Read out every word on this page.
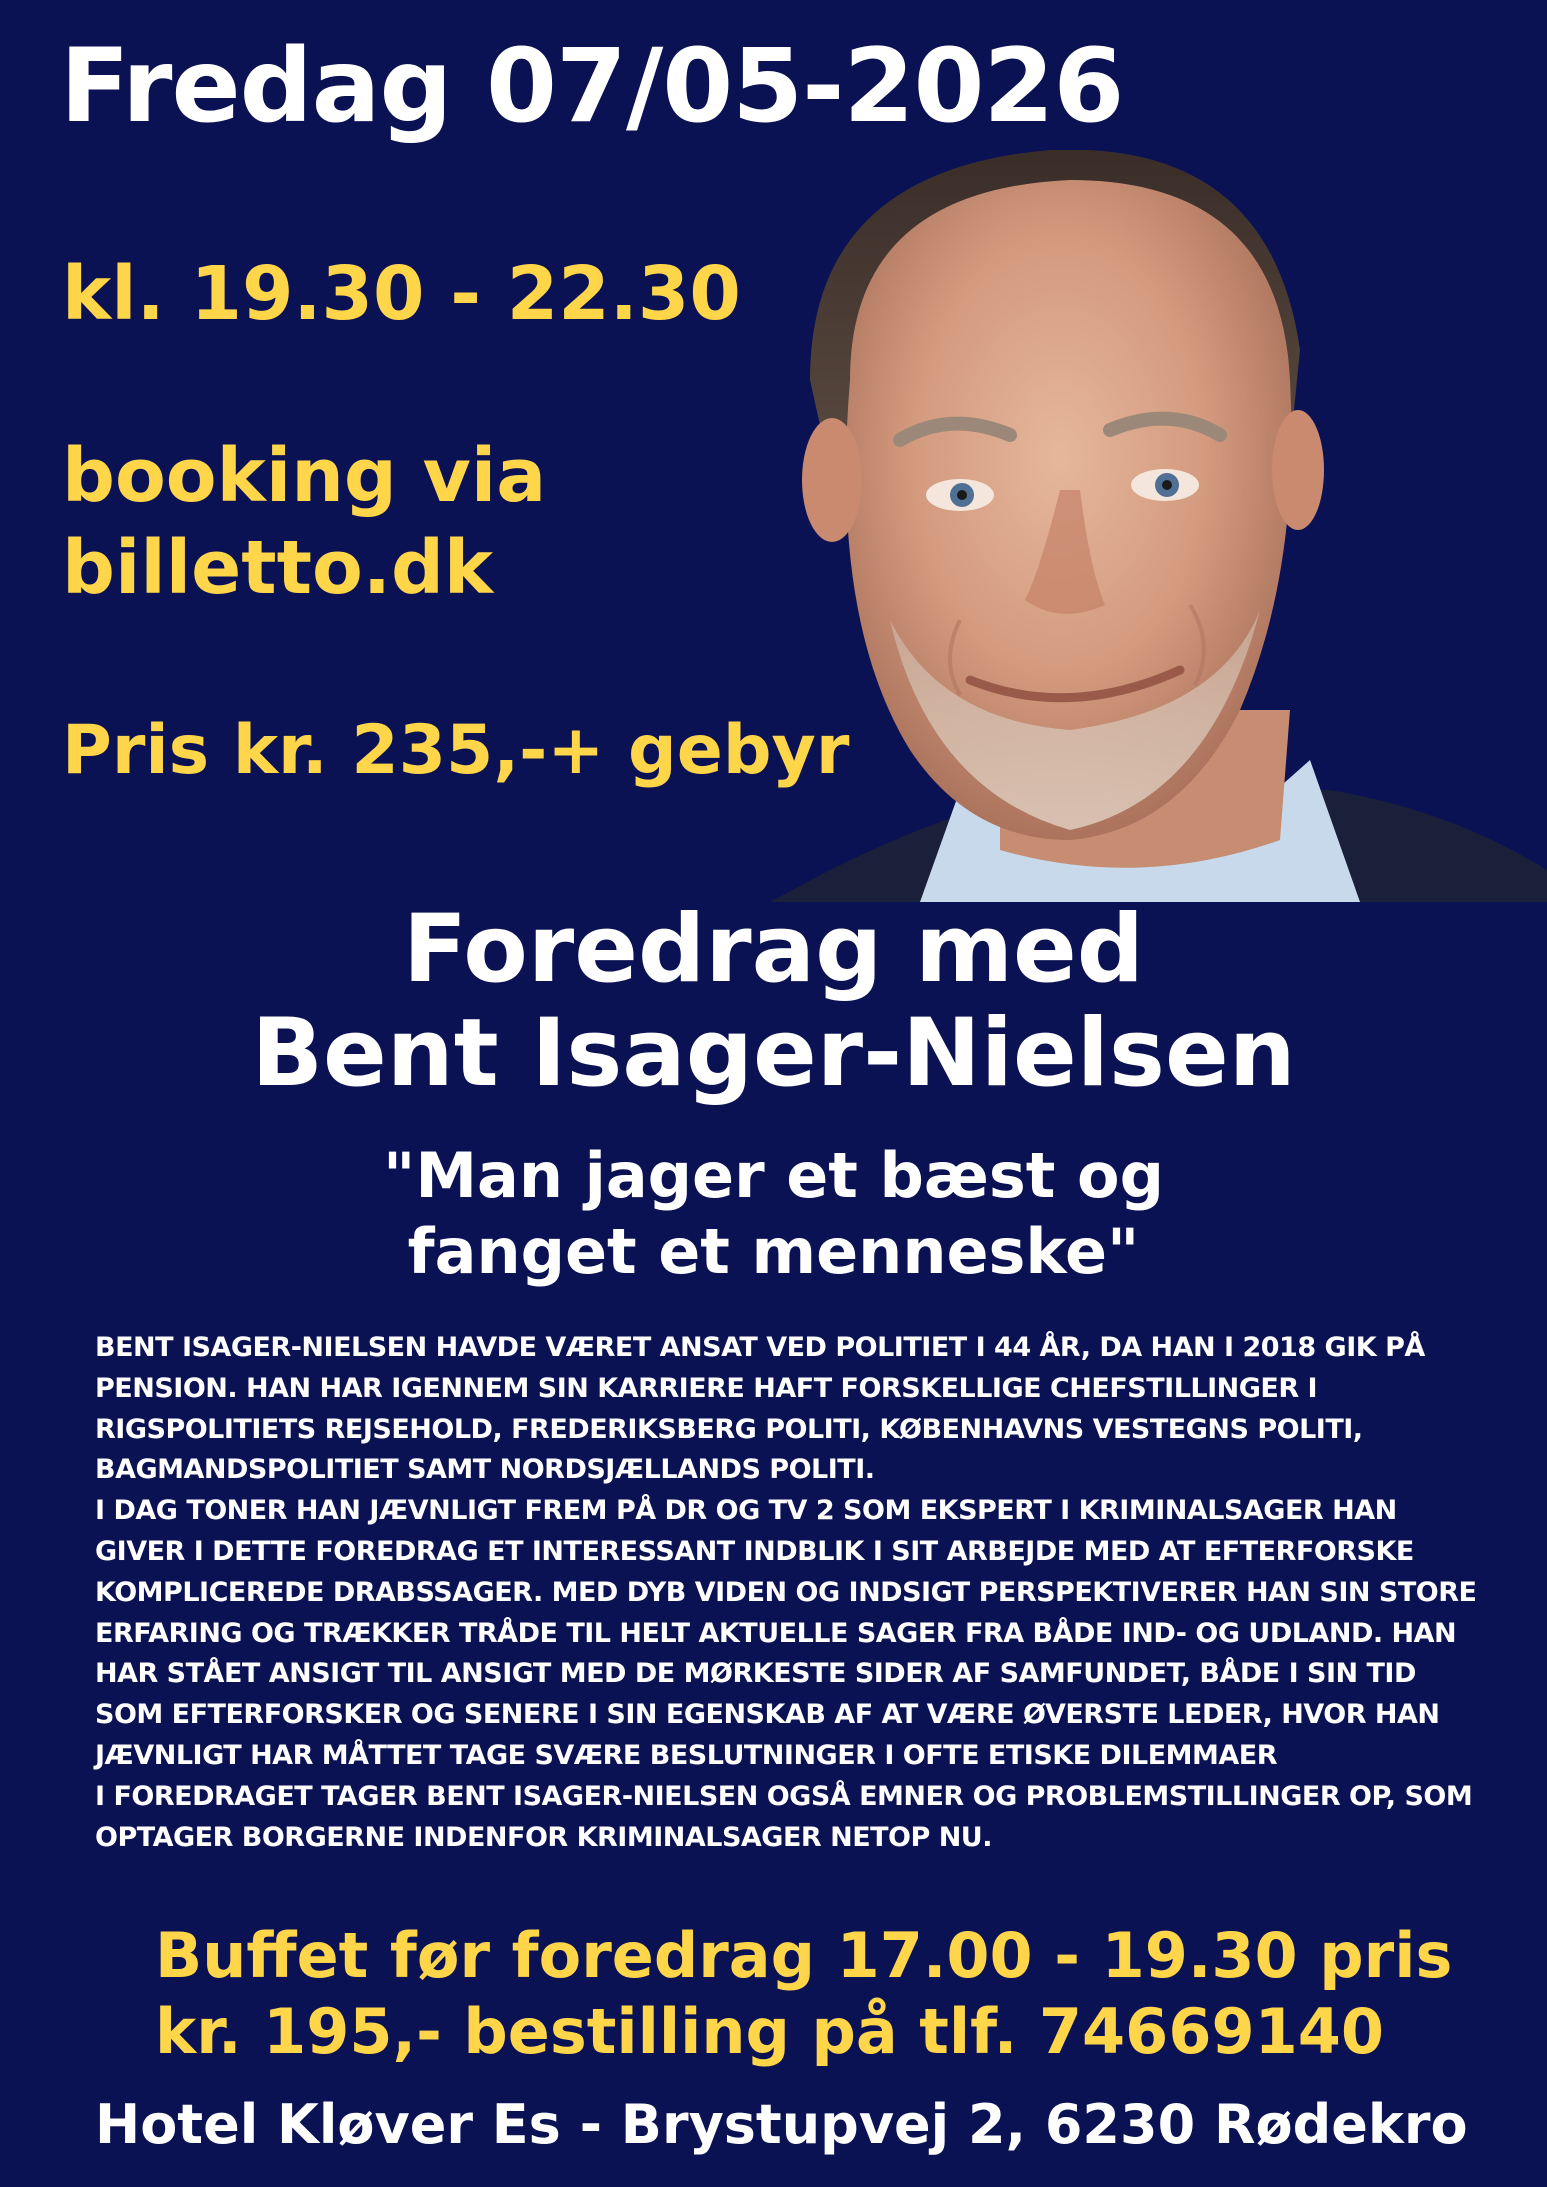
Fredag 07/05-2026
kl. 19.30 - 22.30
booking via
billetto.dk
Pris kr. 235,-+ gebyr
Foredrag med
Bent Isager-Nielsen
"Man jager et bæst og
fanget et menneske"

BENT ISAGER-NIELSEN HAVDE VÆRET ANSAT VED POLITIET I 44 ÅR, DA HAN I 2018 GIK PÅ PENSION. HAN HAR IGENNEM SIN KARRIERE HAFT FORSKELLIGE CHEFSTILLINGER I RIGSPOLITIETS REJSEHOLD, FREDERIKSBERG POLITI, KØBENHAVNS VESTEGNS POLITI, BAGMANDSPOLITIET SAMT NORDSJÆLLANDS POLITI.

I DAG TONER HAN JÆVNLIGT FREM PÅ DR OG TV 2 SOM EKSPERT I KRIMINALSAGER HAN GIVER I DETTE FOREDRAG ET INTERESSANT INDBLIK I SIT ARBEJDE MED AT EFTERFORSKE KOMPLICEREDE DRABSSAGER. MED DYB VIDEN OG INDSIGT PERSPEKTIVERER HAN SIN STORE ERFARING OG TRÆKKER TRÅDE TIL HELT AKTUELLE SAGER FRA BÅDE IND- OG UDLAND. HAN HAR STÅET ANSIGT TIL ANSIGT MED DE MØRKESTE SIDER AF SAMFUNDET, BÅDE I SIN TID SOM EFTERFORSKER OG SENERE I SIN EGENSKAB AF AT VÆRE ØVERSTE LEDER, HVOR HAN JÆVNLIGT HAR MÅTTET TAGE SVÆRE BESLUTNINGER I OFTE ETISKE DILEMMAER

I FOREDRAGET TAGER BENT ISAGER-NIELSEN OGSÅ EMNER OG PROBLEMSTILLINGER OP, SOM OPTAGER BORGERNE INDENFOR KRIMINALSAGER NETOP NU.

Buffet før foredrag 17.00 - 19.30 pris
kr. 195,- bestilling på tlf. 74669140
Hotel Kløver Es - Brystupvej 2, 6230 Rødekro
